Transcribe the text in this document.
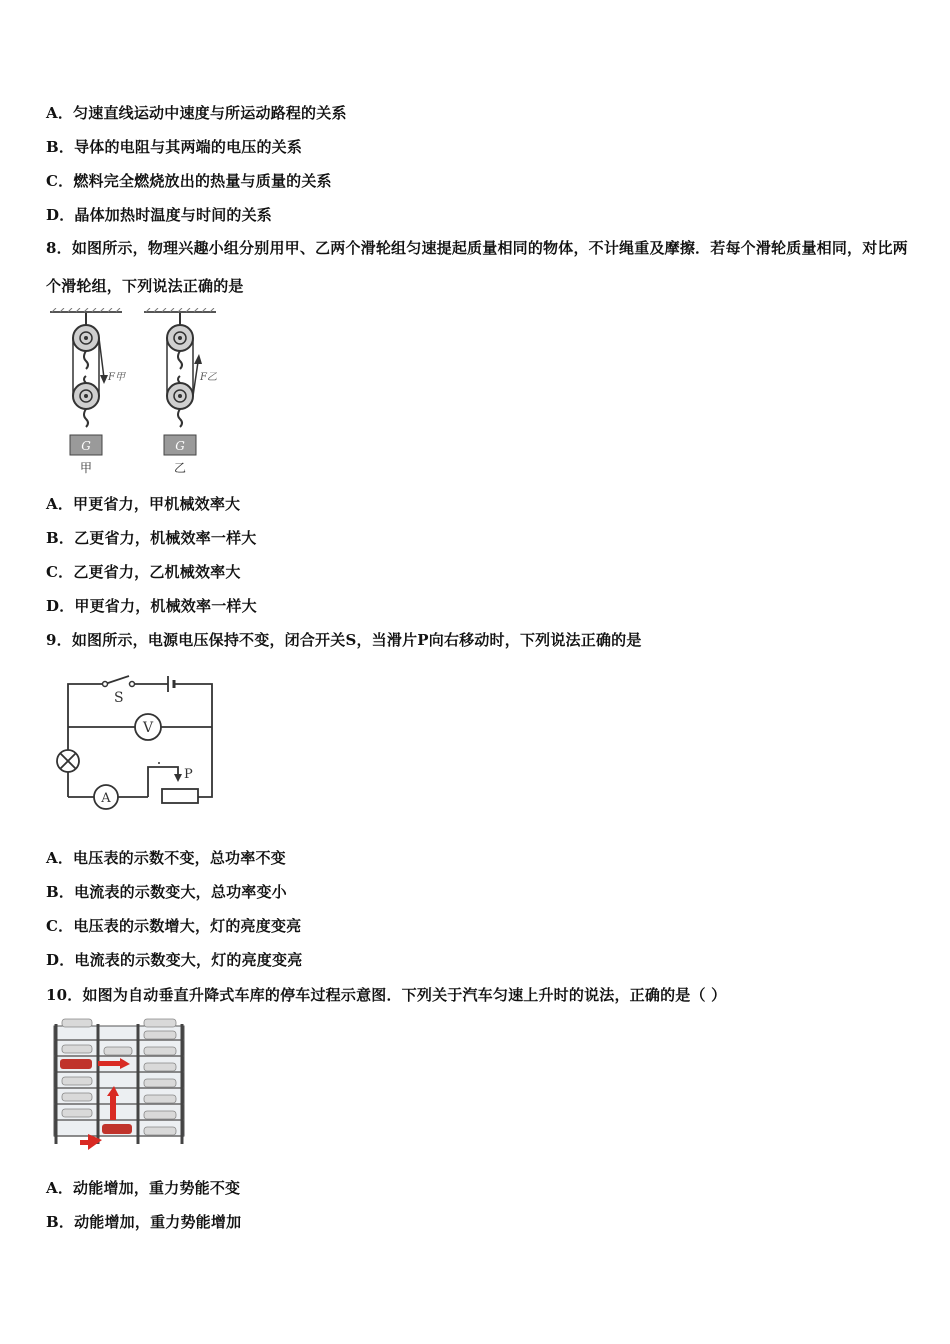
A．匀速直线运动中速度与所运动路程的关系
B．导体的电阻与其两端的电压的关系
C．燃料完全燃烧放出的热量与质量的关系
D．晶体加热时温度与时间的关系
8．如图所示，物理兴趣小组分别用甲、乙两个滑轮组匀速提起质量相同的物体，不计绳重及摩擦．若每个滑轮质量相同，对比两个滑轮组，下列说法正确的是
G
F甲
甲
G
F乙
乙
A．甲更省力，甲机械效率大
B．乙更省力，机械效率一样大
C．乙更省力，乙机械效率大
D．甲更省力，机械效率一样大
9．如图所示，电源电压保持不变，闭合开关S，当滑片P向右移动时，下列说法正确的是
S
V
A
P
A．电压表的示数不变，总功率不变
B．电流表的示数变大，总功率变小
C．电压表的示数增大，灯的亮度变亮
D．电流表的示数变大，灯的亮度变亮
10．如图为自动垂直升降式车库的停车过程示意图．下列关于汽车匀速上升时的说法，正确的是（ ）
A．动能增加，重力势能不变
B．动能增加，重力势能增加
